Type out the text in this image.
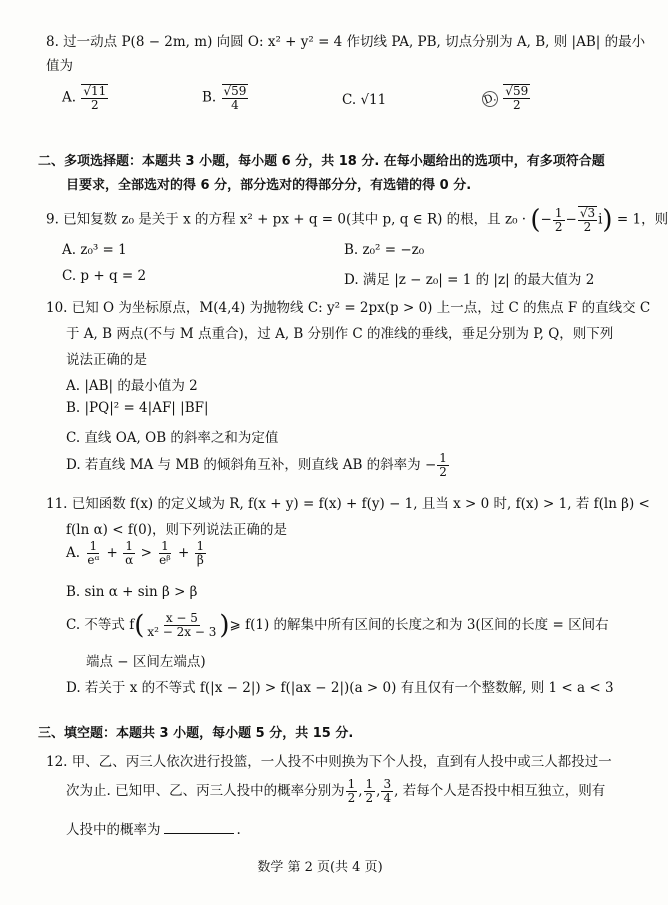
8. 过一动点 P(8 − 2m, m) 向圆 O: x² + y² = 4 作切线 PA, PB, 切点分别为 A, B, 则 |AB| 的最小
值为
A. $\frac{√11}{2}$	B. $\frac{√59}{4}$	C. √11	D. $\frac{√59}{2}$
二、多项选择题：本题共 3 小题，每小题 6 分，共 18 分. 在每小题给出的选项中，有多项符合题
目要求，全部选对的得 6 分，部分选对的得部分分，有选错的得 0 分.
9. 已知复数 z₀ 是关于 x 的方程 x² + px + q = 0(其中 p, q ∈ R) 的根，且 z₀ · (− $\frac{1}{2} - \frac{√3}{2} i) = 1$，则
A. z₀³ = 1	B. z₀² = −z₀
C. p + q = 2	D. 满足 |z − z₀| = 1 的 |z| 的最大值为 2
10. 已知 O 为坐标原点，M(4,4) 为抛物线 C: y² = 2px(p > 0) 上一点，过 C 的焦点 F 的直线交 C
于 A, B 两点(不与 M 点重合)，过 A, B 分别作 C 的准线的垂线，垂足分别为 P, Q，则下列
说法正确的是
A. |AB| 的最小值为 2
B. |PQ|² = 4|AF| |BF|
C. 直线 OA, OB 的斜率之和为定值
D. 若直线 MA 与 MB 的倾斜角互补，则直线 AB 的斜率为 − $\frac{1}{2}$
11. 已知函数 f(x) 的定义域为 R, f(x + y) = f(x) + f(y) − 1, 且当 x > 0 时, f(x) > 1, 若 f(ln β) <
f(ln α) < f(0)，则下列说法正确的是
A. $\frac{1}{\text{eᵅ}} + \frac{1}{\alpha} > \frac{1}{\text{eᵝ}} + \frac{1}{\beta}$
B. sin α + sin β > β
C. 不等式 $f( \frac{x - 5}{\text{x² − 2x − 3}}$ )⩾ f(1) 的解集中所有区间的长度之和为 3(区间的长度 = 区间右
端点 − 区间左端点)
D. 若关于 x 的不等式 f(|x − 2|) > f(|ax − 2|)(a > 0) 有且仅有一个整数解, 则 1 < a < 3
三、填空题：本题共 3 小题，每小题 5 分，共 15 分.
12. 甲、乙、丙三人依次进行投篮，一人投不中则换为下个人投，直到有人投中或三人都投过一
次为止. 已知甲、乙、丙三人投中的概率分别为 $\frac{1}{2}$ , $\frac{1}{2}$ , $\frac{3}{4}$ , 若每个人是否投中相互独立，则有
人投中的概率为	.
数学 第 2 页(共 4 页)
